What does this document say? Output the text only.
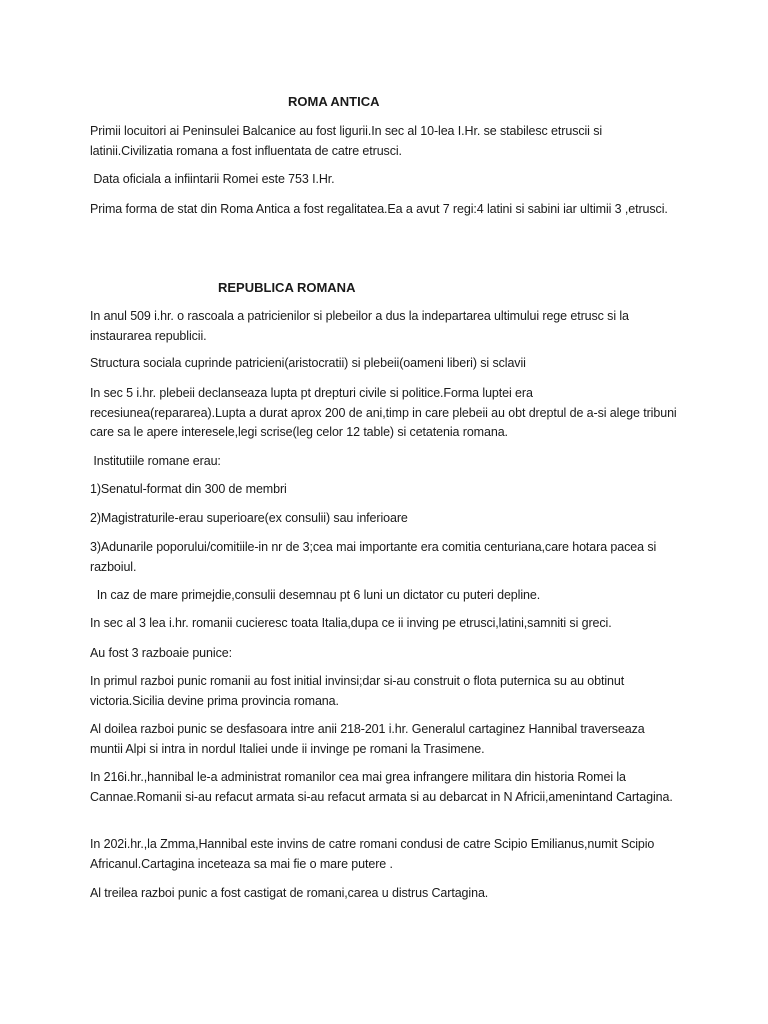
ROMA ANTICA

Primii locuitori ai Peninsulei Balcanice au fost ligurii.In sec al 10-lea I.Hr. se stabilesc etruscii si latinii.Civilizatia romana a fost influentata de catre etrusci.

Data oficiala a infiintarii Romei este 753 I.Hr.

Prima forma de stat din Roma Antica a fost regalitatea.Ea a avut 7 regi:4 latini si sabini iar ultimii 3 ,etrusci.

REPUBLICA ROMANA

In anul 509 i.hr. o rascoala a patricienilor si plebeilor a dus la indepartarea ultimului rege etrusc si la instaurarea republicii.

Structura sociala cuprinde patricieni(aristocratii) si plebeii(oameni liberi) si sclavii

In sec 5 i.hr. plebeii declanseaza lupta pt drepturi civile si politice.Forma luptei era recesiunea(repararea).Lupta a durat aprox 200 de ani,timp in care plebeii au obt dreptul de a-si alege tribuni care sa le apere interesele,legi scrise(leg celor 12 table) si cetatenia romana.

Institutiile romane erau:

1)Senatul-format din 300 de membri

2)Magistraturile-erau superioare(ex consulii) sau inferioare

3)Adunarile poporului/comitiile-in nr de 3;cea mai importante era comitia centuriana,care hotara pacea si razboiul.

In caz de mare primejdie,consulii desemnau pt 6 luni un dictator cu puteri depline.

In sec al 3 lea i.hr. romanii cucieresc toata Italia,dupa ce ii inving pe etrusci,latini,samniti si greci.

Au fost 3 razboaie punice:

In primul razboi punic romanii au fost initial invinsi;dar si-au construit o flota puternica su au obtinut victoria.Sicilia devine prima provincia romana.

Al doilea razboi punic se desfasoara intre anii 218-201 i.hr. Generalul cartaginez Hannibal traverseaza muntii Alpi si intra in nordul Italiei unde ii invinge pe romani la Trasimene.

In 216i.hr.,hannibal le-a administrat romanilor cea mai grea infrangere militara din historia Romei la Cannae.Romanii si-au refacut armata si-au refacut armata si au debarcat in N Africii,amenintand Cartagina.

In 202i.hr.,la Zmma,Hannibal este invins de catre romani condusi de catre Scipio Emilianus,numit Scipio Africanul.Cartagina inceteaza sa mai fie o mare putere .

Al treilea razboi punic a fost castigat de romani,carea u distrus Cartagina.
